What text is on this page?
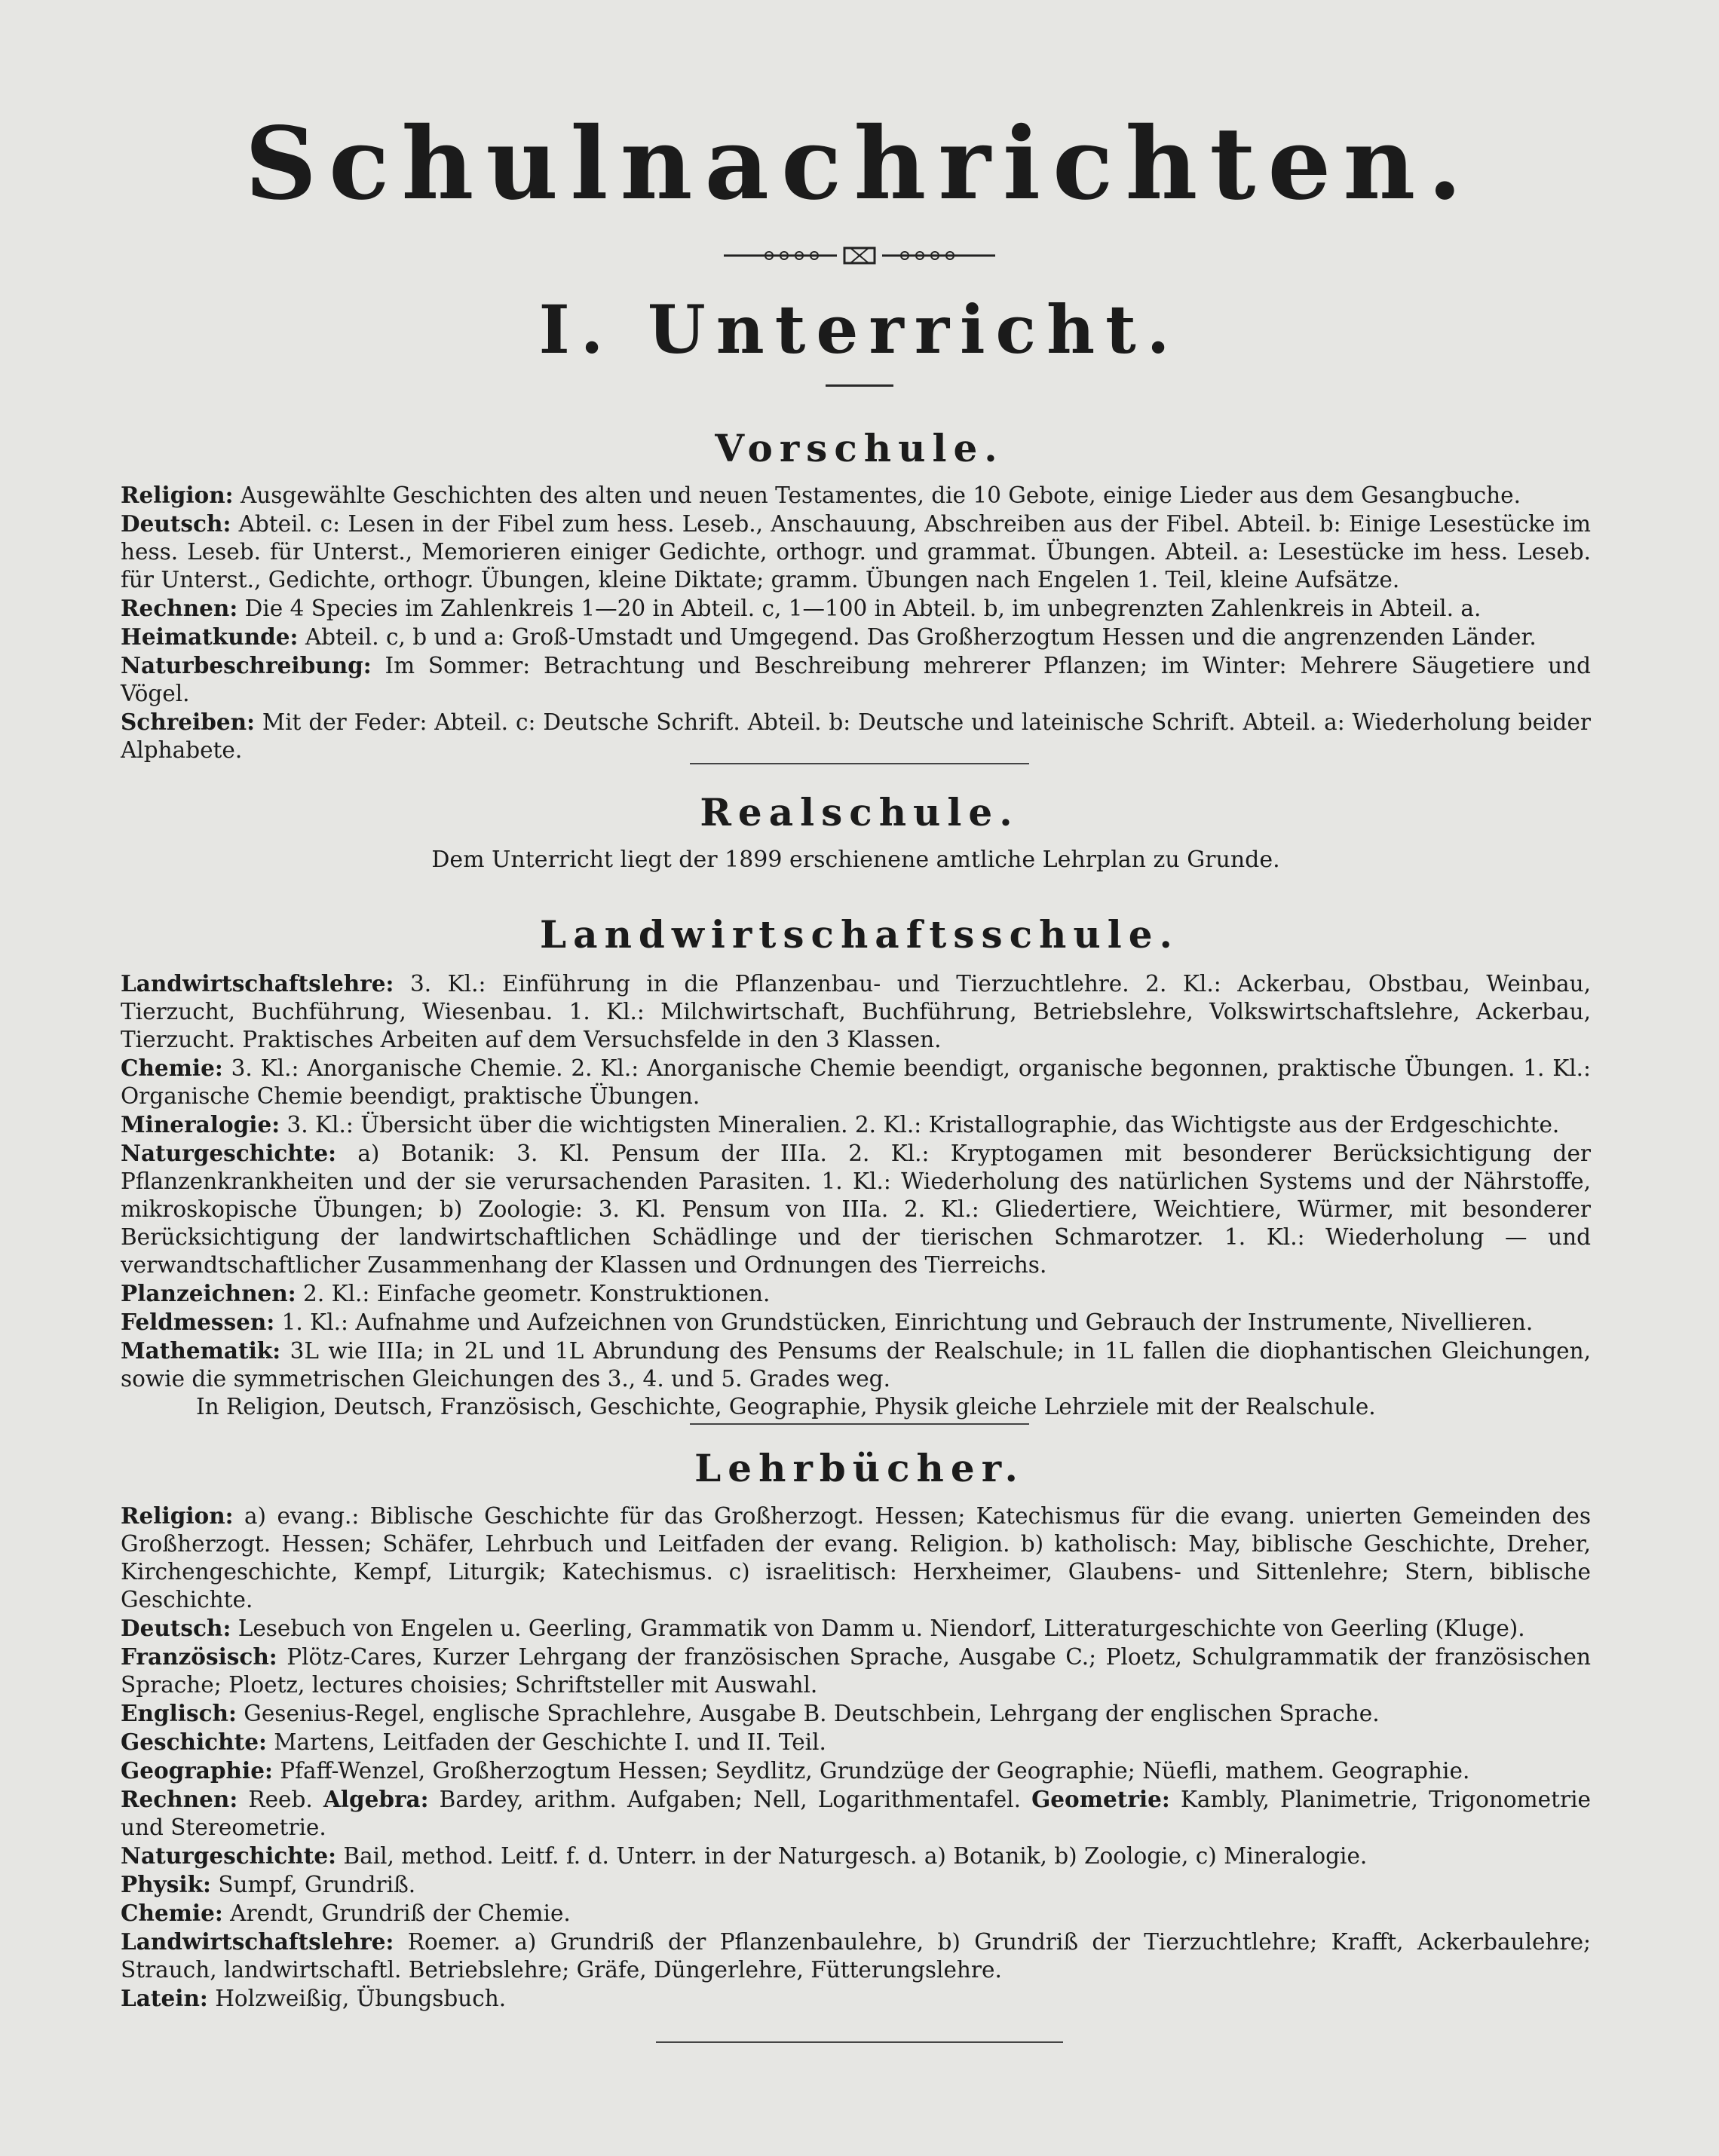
Schulnachrichten.
I. Unterricht.
Vorschule.

Religion: Ausgewählte Geschichten des alten und neuen Testamentes, die 10 Gebote, einige Lieder aus dem Gesangbuche.

Deutsch: Abteil. c: Lesen in der Fibel zum hess. Leseb., Anschauung, Abschreiben aus der Fibel. Abteil. b: Einige Lesestücke im hess. Leseb. für Unterst., Memorieren einiger Gedichte, orthogr. und grammat. Übungen. Abteil. a: Lesestücke im hess. Leseb. für Unterst., Gedichte, orthogr. Übungen, kleine Diktate; gramm. Übungen nach Engelen 1. Teil, kleine Aufsätze.

Rechnen: Die 4 Species im Zahlenkreis 1—20 in Abteil. c, 1—100 in Abteil. b, im unbegrenzten Zahlenkreis in Abteil. a.

Heimatkunde: Abteil. c, b und a: Groß-Umstadt und Umgegend. Das Großherzogtum Hessen und die angrenzenden Länder.

Naturbeschreibung: Im Sommer: Betrachtung und Beschreibung mehrerer Pflanzen; im Winter: Mehrere Säugetiere und Vögel.

Schreiben: Mit der Feder: Abteil. c: Deutsche Schrift. Abteil. b: Deutsche und lateinische Schrift. Abteil. a: Wiederholung beider Alphabete.

Realschule.
Dem Unterricht liegt der 1899 erschienene amtliche Lehrplan zu Grunde.
Landwirtschaftsschule.

Landwirtschaftslehre: 3. Kl.: Einführung in die Pflanzenbau- und Tierzuchtlehre. 2. Kl.: Ackerbau, Obstbau, Weinbau, Tierzucht, Buchführung, Wiesenbau. 1. Kl.: Milchwirtschaft, Buchführung, Betriebslehre, Volkswirtschaftslehre, Ackerbau, Tierzucht. Praktisches Arbeiten auf dem Versuchsfelde in den 3 Klassen.

Chemie: 3. Kl.: Anorganische Chemie. 2. Kl.: Anorganische Chemie beendigt, organische begonnen, praktische Übungen. 1. Kl.: Organische Chemie beendigt, praktische Übungen.

Mineralogie: 3. Kl.: Übersicht über die wichtigsten Mineralien. 2. Kl.: Kristallographie, das Wichtigste aus der Erdgeschichte.

Naturgeschichte: a) Botanik: 3. Kl. Pensum der IIIa. 2. Kl.: Kryptogamen mit besonderer Berücksichtigung der Pflanzenkrankheiten und der sie verursachenden Parasiten. 1. Kl.: Wiederholung des natürlichen Systems und der Nährstoffe, mikroskopische Übungen; b) Zoologie: 3. Kl. Pensum von IIIa. 2. Kl.: Gliedertiere, Weichtiere, Würmer, mit besonderer Berücksichtigung der landwirtschaftlichen Schädlinge und der tierischen Schmarotzer. 1. Kl.: Wiederholung — und verwandtschaftlicher Zusammenhang der Klassen und Ordnungen des Tierreichs.

Planzeichnen: 2. Kl.: Einfache geometr. Konstruktionen.

Feldmessen: 1. Kl.: Aufnahme und Aufzeichnen von Grundstücken, Einrichtung und Gebrauch der Instrumente, Nivellieren.

Mathematik: 3L wie IIIa; in 2L und 1L Abrundung des Pensums der Realschule; in 1L fallen die diophantischen Gleichungen, sowie die symmetrischen Gleichungen des 3., 4. und 5. Grades weg.

In Religion, Deutsch, Französisch, Geschichte, Geographie, Physik gleiche Lehrziele mit der Realschule.

Lehrbücher.

Religion: a) evang.: Biblische Geschichte für das Großherzogt. Hessen; Katechismus für die evang. unierten Gemeinden des Großherzogt. Hessen; Schäfer, Lehrbuch und Leitfaden der evang. Religion. b) katholisch: May, biblische Geschichte, Dreher, Kirchengeschichte, Kempf, Liturgik; Katechismus. c) israelitisch: Herxheimer, Glaubens- und Sittenlehre; Stern, biblische Geschichte.

Deutsch: Lesebuch von Engelen u. Geerling, Grammatik von Damm u. Niendorf, Litteraturgeschichte von Geerling (Kluge).

Französisch: Plötz-Cares, Kurzer Lehrgang der französischen Sprache, Ausgabe C.; Ploetz, Schulgrammatik der französischen Sprache; Ploetz, lectures choisies; Schriftsteller mit Auswahl.

Englisch: Gesenius-Regel, englische Sprachlehre, Ausgabe B. Deutschbein, Lehrgang der englischen Sprache.

Geschichte: Martens, Leitfaden der Geschichte I. und II. Teil.

Geographie: Pfaff-Wenzel, Großherzogtum Hessen; Seydlitz, Grundzüge der Geographie; Nüefli, mathem. Geographie.

Rechnen: Reeb. Algebra: Bardey, arithm. Aufgaben; Nell, Logarithmentafel. Geometrie: Kambly, Planimetrie, Trigonometrie und Stereometrie.

Naturgeschichte: Bail, method. Leitf. f. d. Unterr. in der Naturgesch. a) Botanik, b) Zoologie, c) Mineralogie.

Physik: Sumpf, Grundriß.

Chemie: Arendt, Grundriß der Chemie.

Landwirtschaftslehre: Roemer. a) Grundriß der Pflanzenbaulehre, b) Grundriß der Tierzuchtlehre; Krafft, Ackerbaulehre; Strauch, landwirtschaftl. Betriebslehre; Gräfe, Düngerlehre, Fütterungslehre.

Latein: Holzweißig, Übungsbuch.
